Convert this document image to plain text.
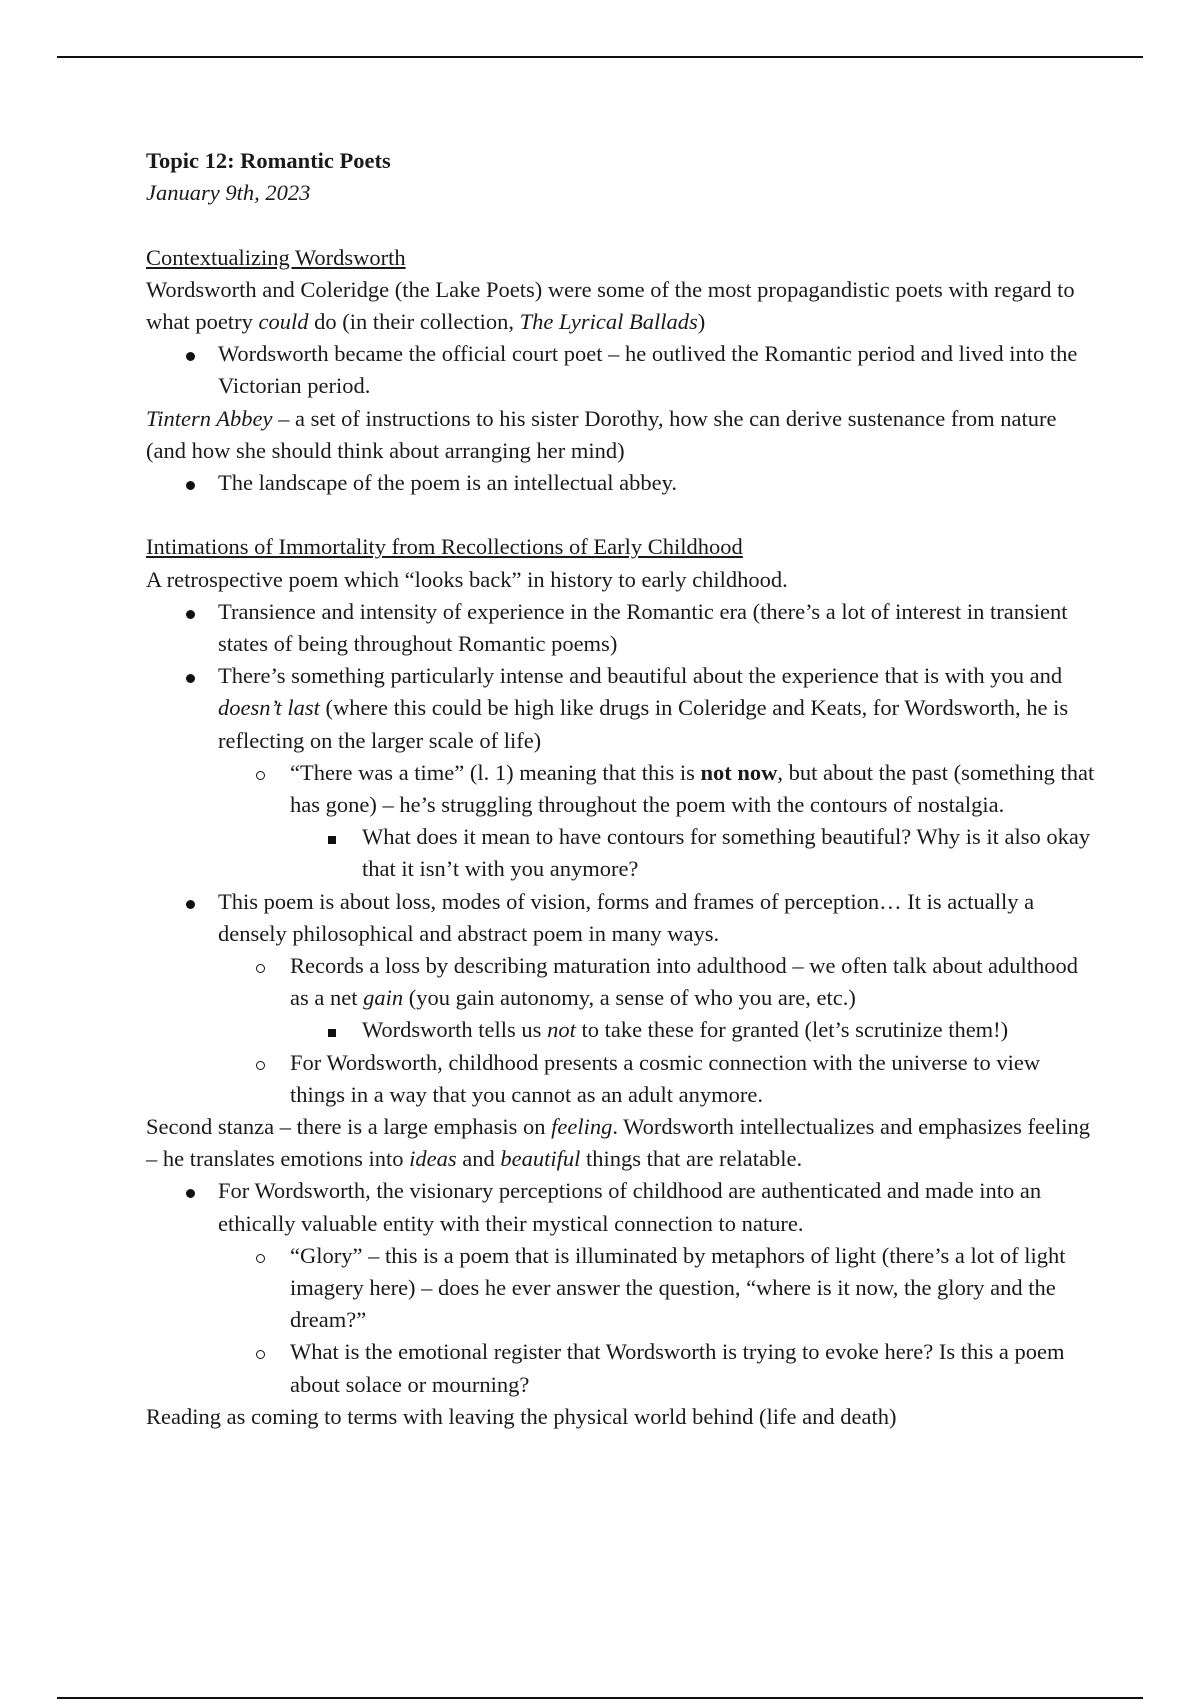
Topic 12: Romantic Poets

January 9th, 2023

Contextualizing Wordsworth

Wordsworth and Coleridge (the Lake Poets) were some of the most propagandistic poets with regard to what poetry could do (in their collection, The Lyrical Ballads)

Wordsworth became the official court poet – he outlived the Romantic period and lived into the Victorian period.

Tintern Abbey – a set of instructions to his sister Dorothy, how she can derive sustenance from nature (and how she should think about arranging her mind)

The landscape of the poem is an intellectual abbey.

Intimations of Immortality from Recollections of Early Childhood

A retrospective poem which “looks back” in history to early childhood.

Transience and intensity of experience in the Romantic era (there’s a lot of interest in transient states of being throughout Romantic poems)
There’s something particularly intense and beautiful about the experience that is with you and doesn’t last (where this could be high like drugs in Coleridge and Keats, for Wordsworth, he is reflecting on the larger scale of life)
“There was a time” (l. 1) meaning that this is not now, but about the past (something that has gone) – he’s struggling throughout the poem with the contours of nostalgia.
What does it mean to have contours for something beautiful? Why is it also okay that it isn’t with you anymore?
This poem is about loss, modes of vision, forms and frames of perception… It is actually a densely philosophical and abstract poem in many ways.
Records a loss by describing maturation into adulthood – we often talk about adulthood as a net gain (you gain autonomy, a sense of who you are, etc.)
Wordsworth tells us not to take these for granted (let’s scrutinize them!)
For Wordsworth, childhood presents a cosmic connection with the universe to view things in a way that you cannot as an adult anymore.

Second stanza – there is a large emphasis on feeling. Wordsworth intellectualizes and emphasizes feeling – he translates emotions into ideas and beautiful things that are relatable.

For Wordsworth, the visionary perceptions of childhood are authenticated and made into an ethically valuable entity with their mystical connection to nature.
“Glory” – this is a poem that is illuminated by metaphors of light (there’s a lot of light imagery here) – does he ever answer the question, “where is it now, the glory and the dream?”
What is the emotional register that Wordsworth is trying to evoke here? Is this a poem about solace or mourning?

Reading as coming to terms with leaving the physical world behind (life and death)
